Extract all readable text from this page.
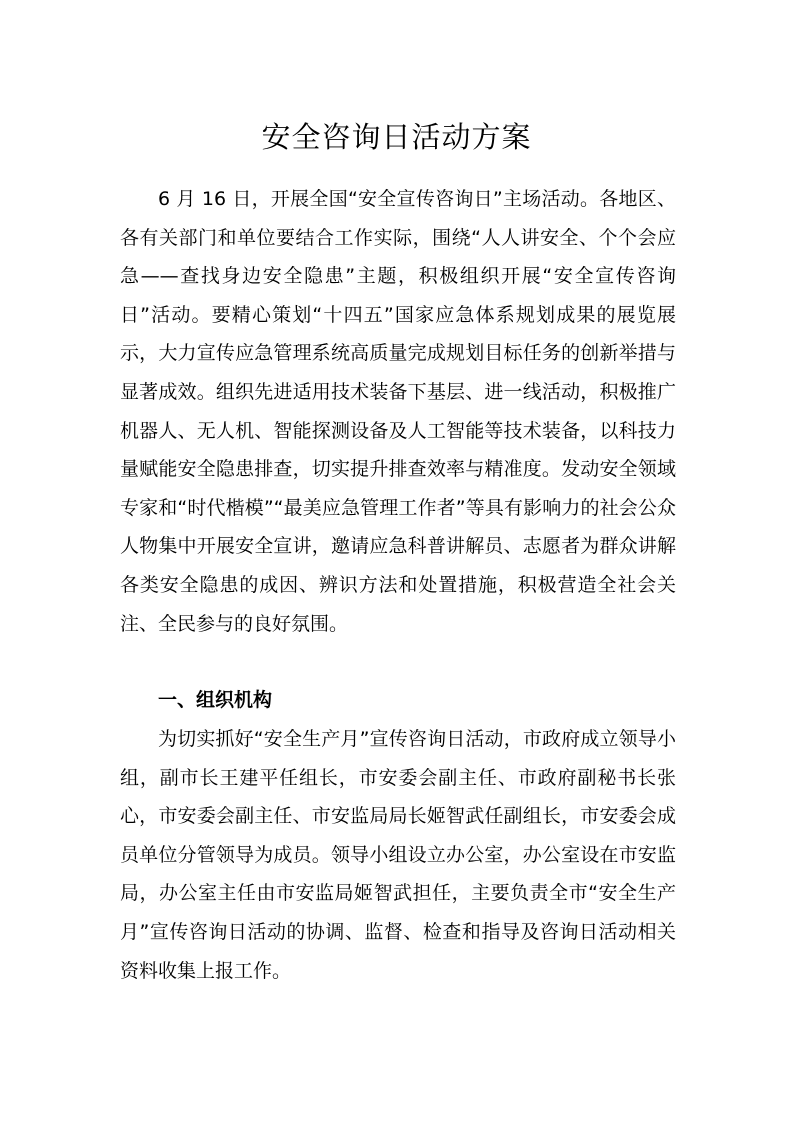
安全咨询日活动方案

6 月 16 日，开展全国“安全宣传咨询日”主场活动。各地区、各有关部门和单位要结合工作实际，围绕“人人讲安全、个个会应急——查找身边安全隐患”主题，积极组织开展“安全宣传咨询日”活动。要精心策划“十四五”国家应急体系规划成果的展览展示，大力宣传应急管理系统高质量完成规划目标任务的创新举措与显著成效。组织先进适用技术装备下基层、进一线活动，积极推广机器人、无人机、智能探测设备及人工智能等技术装备，以科技力量赋能安全隐患排查，切实提升排查效率与精准度。发动安全领域专家和“时代楷模”“最美应急管理工作者”等具有影响力的社会公众人物集中开展安全宣讲，邀请应急科普讲解员、志愿者为群众讲解各类安全隐患的成因、辨识方法和处置措施，积极营造全社会关注、全民参与的良好氛围。

一、组织机构

为切实抓好“安全生产月”宣传咨询日活动，市政府成立领导小组，副市长王建平任组长，市安委会副主任、市政府副秘书长张心，市安委会副主任、市安监局局长姬智武任副组长，市安委会成员单位分管领导为成员。领导小组设立办公室，办公室设在市安监局，办公室主任由市安监局姬智武担任，主要负责全市“安全生产月”宣传咨询日活动的协调、监督、检查和指导及咨询日活动相关资料收集上报工作。
